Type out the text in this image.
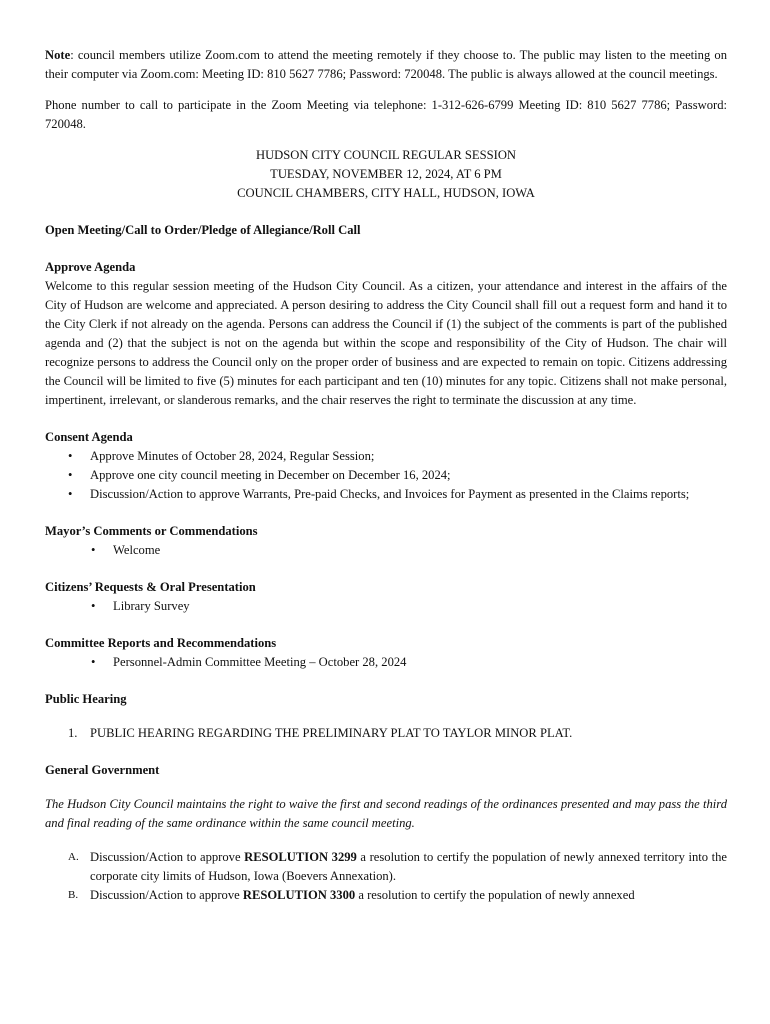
Note: council members utilize Zoom.com to attend the meeting remotely if they choose to. The public may listen to the meeting on their computer via Zoom.com: Meeting ID: 810 5627 7786; Password: 720048. The public is always allowed at the council meetings.

Phone number to call to participate in the Zoom Meeting via telephone: 1-312-626-6799 Meeting ID: 810 5627 7786; Password: 720048.

HUDSON CITY COUNCIL REGULAR SESSION
TUESDAY, NOVEMBER 12, 2024, AT 6 PM
COUNCIL CHAMBERS, CITY HALL, HUDSON, IOWA
Open Meeting/Call to Order/Pledge of Allegiance/Roll Call
Approve Agenda

Welcome to this regular session meeting of the Hudson City Council. As a citizen, your attendance and interest in the affairs of the City of Hudson are welcome and appreciated. A person desiring to address the City Council shall fill out a request form and hand it to the City Clerk if not already on the agenda. Persons can address the Council if (1) the subject of the comments is part of the published agenda and (2) that the subject is not on the agenda but within the scope and responsibility of the City of Hudson. The chair will recognize persons to address the Council only on the proper order of business and are expected to remain on topic. Citizens addressing the Council will be limited to five (5) minutes for each participant and ten (10) minutes for any topic. Citizens shall not make personal, impertinent, irrelevant, or slanderous remarks, and the chair reserves the right to terminate the discussion at any time.

Consent Agenda
• Approve Minutes of October 28, 2024, Regular Session;
• Approve one city council meeting in December on December 16, 2024;
• Discussion/Action to approve Warrants, Pre-paid Checks, and Invoices for Payment as presented in the Claims reports;
Mayor’s Comments or Commendations
• Welcome
Citizens’ Requests & Oral Presentation
• Library Survey
Committee Reports and Recommendations
• Personnel-Admin Committee Meeting – October 28, 2024
Public Hearing
1. PUBLIC HEARING REGARDING THE PRELIMINARY PLAT TO TAYLOR MINOR PLAT.
General Government

The Hudson City Council maintains the right to waive the first and second readings of the ordinances presented and may pass the third and final reading of the same ordinance within the same council meeting.

A. Discussion/Action to approve RESOLUTION 3299 a resolution to certify the population of newly annexed territory into the corporate city limits of Hudson, Iowa (Boevers Annexation).
B. Discussion/Action to approve RESOLUTION 3300 a resolution to certify the population of newly annexed
